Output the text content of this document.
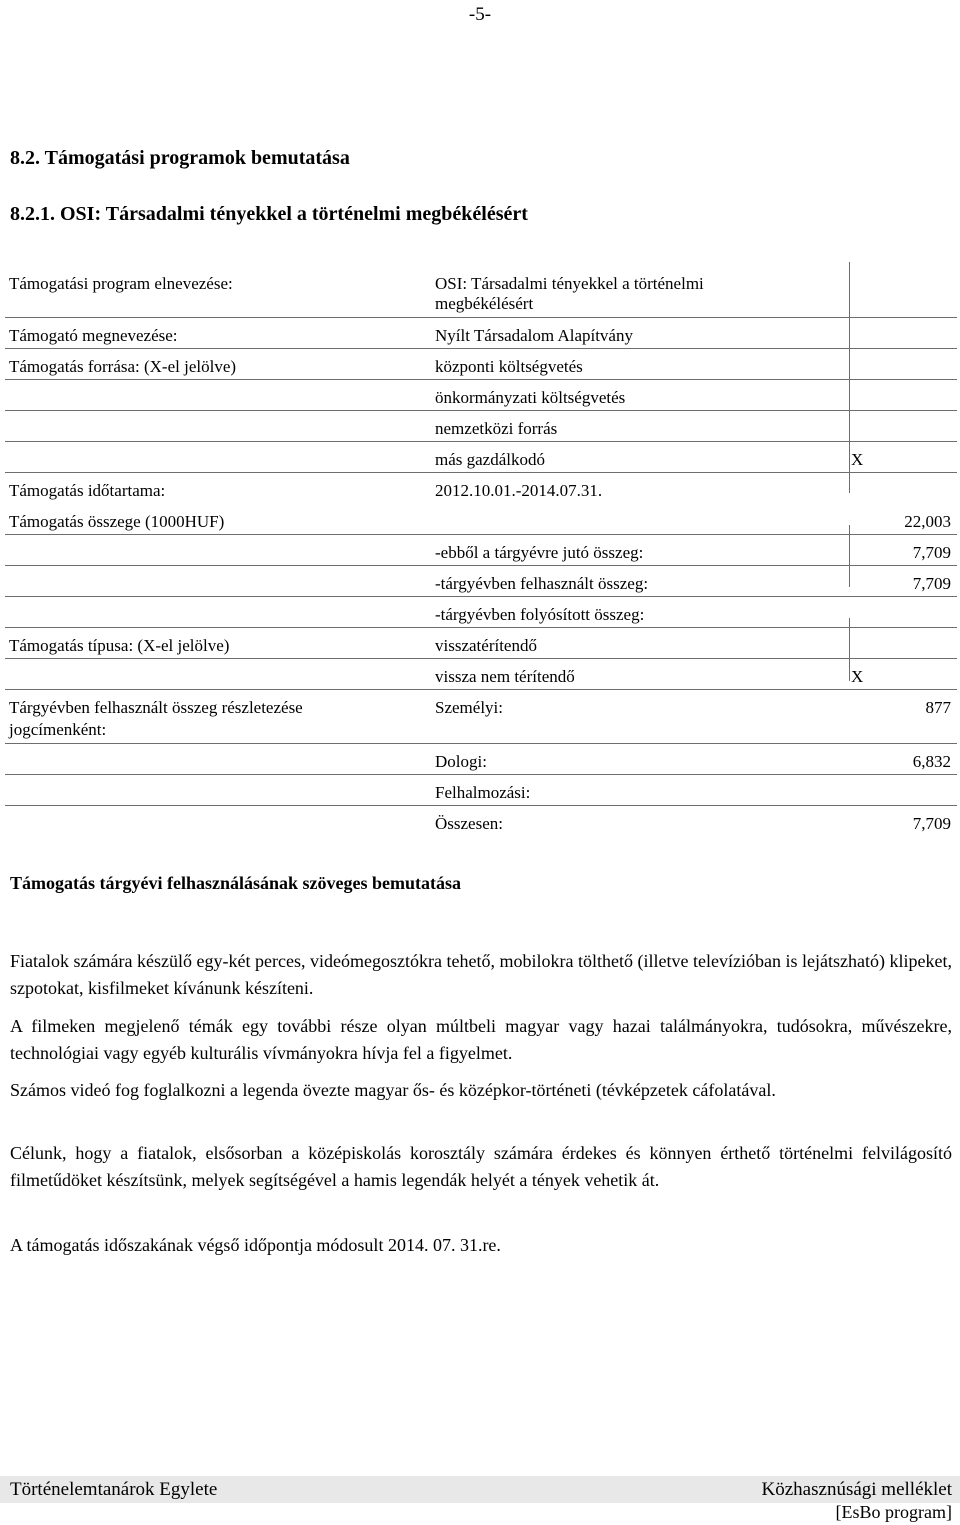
-5-
8.2. Támogatási programok bemutatása
8.2.1. OSI: Társadalmi tényekkel a történelmi megbékélésért
Támogatási program elnevezése:	OSI: Társadalmi tényekkel a történelmi
megbékélésért
Támogató megnevezése:	Nyílt Társadalom Alapítvány
Támogatás forrása: (X-el jelölve)	központi költségvetés
önkormányzati költségvetés
nemzetközi forrás
más gazdálkodó	X
Támogatás időtartama:	2012.10.01.-2014.07.31.
Támogatás összege (1000HUF)	22,003
-ebből a tárgyévre jutó összeg:	7,709
-tárgyévben felhasznált összeg:	7,709
-tárgyévben folyósított összeg:
Támogatás típusa: (X-el jelölve)	visszatérítendő
vissza nem térítendő	X
Tárgyévben felhasznált összeg részletezése
jogcímenként:
Személyi:	877
Dologi:	6,832
Felhalmozási:
Összesen:	7,709
Támogatás tárgyévi felhasználásának szöveges bemutatása
Fiatalok számára készülő egy-két perces, videómegosztókra tehető, mobilokra tölthető (illetve televízióban is lejátszható) klipeket, szpotokat, kisfilmeket kívánunk készíteni.
A filmeken megjelenő témák egy további része olyan múltbeli magyar vagy hazai találmányokra, tudósokra, művészekre, technológiai vagy egyéb kulturális vívmányokra hívja fel a figyelmet.
Számos videó fog foglalkozni a legenda övezte magyar ős- és középkor-történeti (tévképzetek cáfolatával.
Célunk, hogy a fiatalok, elsősorban a középiskolás korosztály számára érdekes és könnyen érthető történelmi felvilágosító filmetűdöket készítsünk, melyek segítségével a hamis legendák helyét a tények vehetik át.
A támogatás időszakának végső időpontja módosult 2014. 07. 31.re.
Történelemtanárok Egylete	Közhasznúsági melléklet
[EsBo program]
